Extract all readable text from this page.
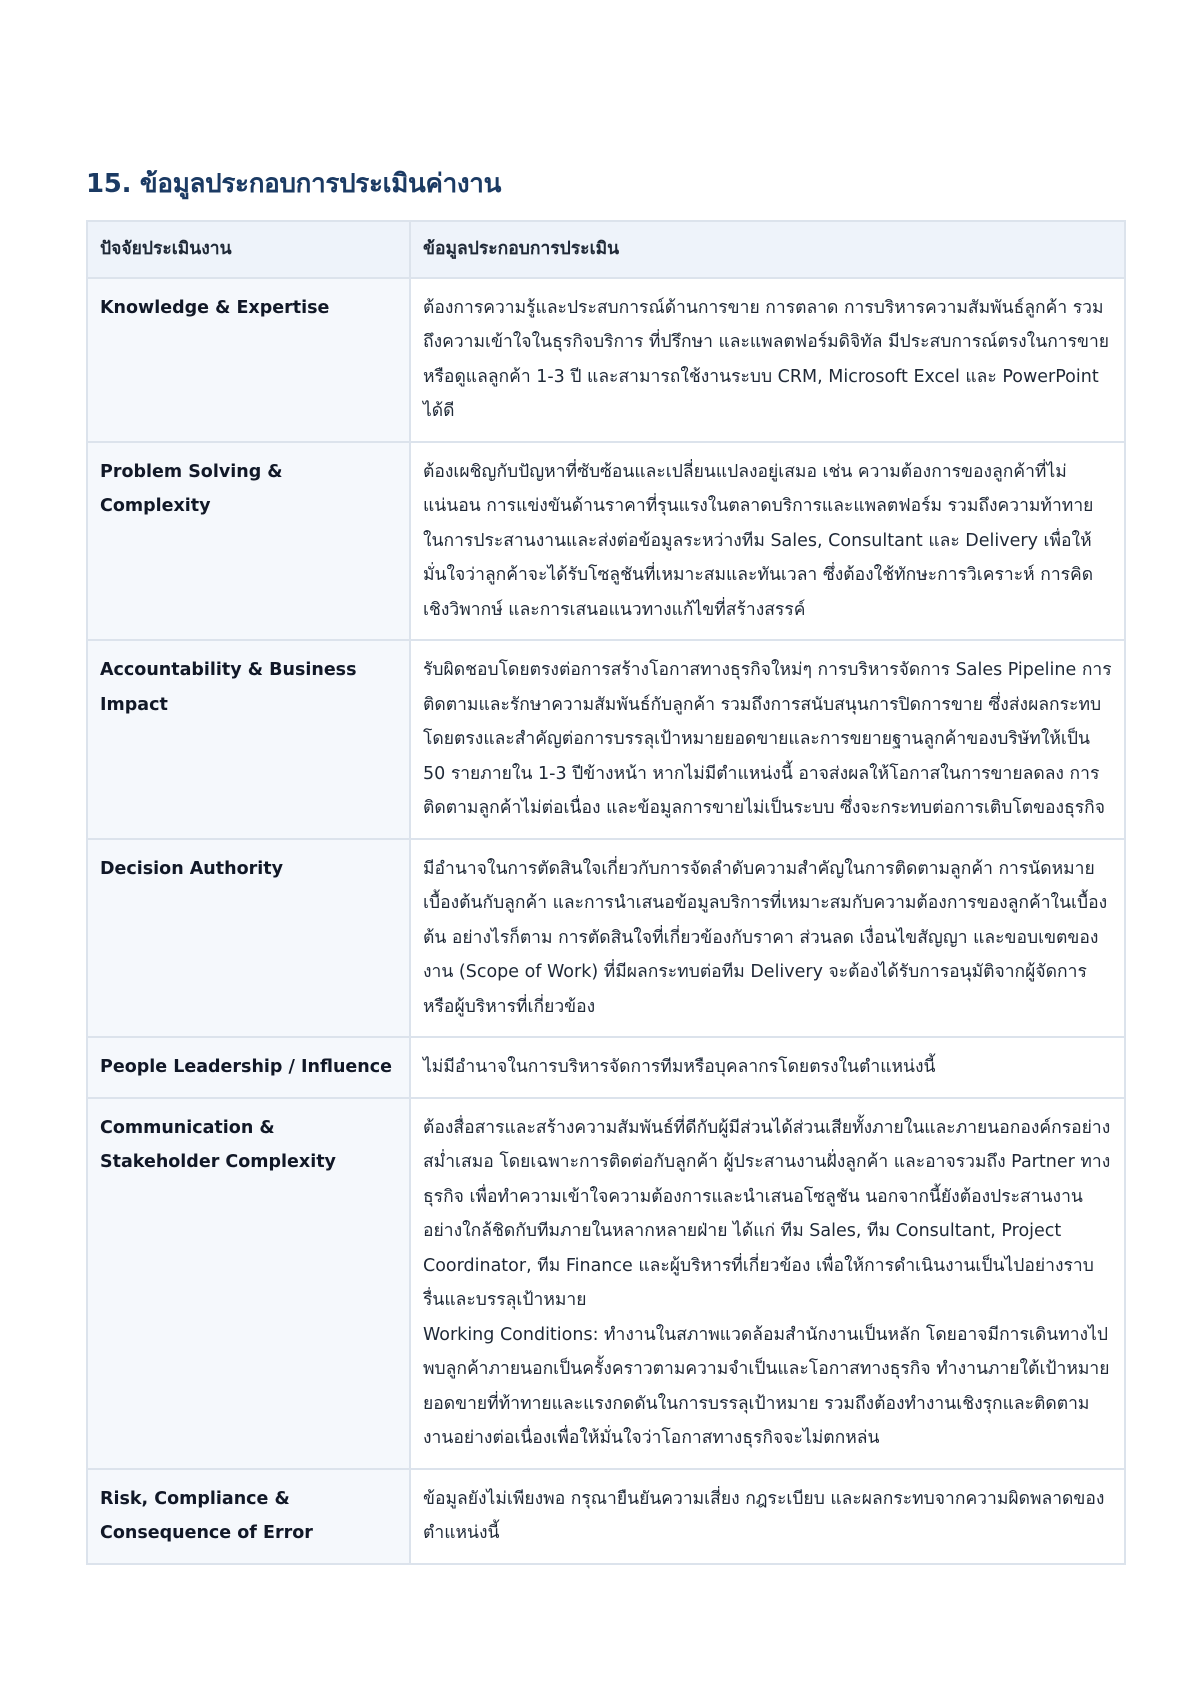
15. ข้อมูลประกอบการประเมินค่างาน
ปัจจัยประเมินงาน	ข้อมูลประกอบการประเมิน
Knowledge & Expertise	ต้องการความรู้และประสบการณ์ด้านการขาย การตลาด การบริหารความสัมพันธ์ลูกค้า รวมถึงความเข้าใจในธุรกิจบริการ ที่ปรึกษา และแพลตฟอร์มดิจิทัล มีประสบการณ์ตรงในการขายหรือดูแลลูกค้า 1-3 ปี และสามารถใช้งานระบบ CRM, Microsoft Excel และ PowerPoint ได้ดี

Problem Solving & Complexity	ต้องเผชิญกับปัญหาที่ซับซ้อนและเปลี่ยนแปลงอยู่เสมอ เช่น ความต้องการของลูกค้าที่ไม่แน่นอน การแข่งขันด้านราคาที่รุนแรงในตลาดบริการและแพลตฟอร์ม รวมถึงความท้าทายในการประสานงานและส่งต่อข้อมูลระหว่างทีม Sales, Consultant และ Delivery เพื่อให้มั่นใจว่าลูกค้าจะได้รับโซลูชันที่เหมาะสมและทันเวลา ซึ่งต้องใช้ทักษะการวิเคราะห์ การคิดเชิงวิพากษ์ และการเสนอแนวทางแก้ไขที่สร้างสรรค์

Accountability & Business Impact	รับผิดชอบโดยตรงต่อการสร้างโอกาสทางธุรกิจใหม่ๆ การบริหารจัดการ Sales Pipeline การติดตามและรักษาความสัมพันธ์กับลูกค้า รวมถึงการสนับสนุนการปิดการขาย ซึ่งส่งผลกระทบโดยตรงและสำคัญต่อการบรรลุเป้าหมายยอดขายและการขยายฐานลูกค้าของบริษัทให้เป็น 50 รายภายใน 1-3 ปีข้างหน้า หากไม่มีตำแหน่งนี้ อาจส่งผลให้โอกาสในการขายลดลง การติดตามลูกค้าไม่ต่อเนื่อง และข้อมูลการขายไม่เป็นระบบ ซึ่งจะกระทบต่อการเติบโตของธุรกิจ

Decision Authority	มีอำนาจในการตัดสินใจเกี่ยวกับการจัดลำดับความสำคัญในการติดตามลูกค้า การนัดหมายเบื้องต้นกับลูกค้า และการนำเสนอข้อมูลบริการที่เหมาะสมกับความต้องการของลูกค้าในเบื้องต้น อย่างไรก็ตาม การตัดสินใจที่เกี่ยวข้องกับราคา ส่วนลด เงื่อนไขสัญญา และขอบเขตของงาน (Scope of Work) ที่มีผลกระทบต่อทีม Delivery จะต้องได้รับการอนุมัติจากผู้จัดการหรือผู้บริหารที่เกี่ยวข้อง

People Leadership / Influence	ไม่มีอำนาจในการบริหารจัดการทีมหรือบุคลากรโดยตรงในตำแหน่งนี้

Communication & Stakeholder Complexity	ต้องสื่อสารและสร้างความสัมพันธ์ที่ดีกับผู้มีส่วนได้ส่วนเสียทั้งภายในและภายนอกองค์กรอย่างสม่ำเสมอ โดยเฉพาะการติดต่อกับลูกค้า ผู้ประสานงานฝั่งลูกค้า และอาจรวมถึง Partner ทางธุรกิจ เพื่อทำความเข้าใจความต้องการและนำเสนอโซลูชัน นอกจากนี้ยังต้องประสานงานอย่างใกล้ชิดกับทีมภายในหลากหลายฝ่าย ได้แก่ ทีม Sales, ทีม Consultant, Project Coordinator, ทีม Finance และผู้บริหารที่เกี่ยวข้อง เพื่อให้การดำเนินงานเป็นไปอย่างราบรื่นและบรรลุเป้าหมาย
Working Conditions: ทำงานในสภาพแวดล้อมสำนักงานเป็นหลัก โดยอาจมีการเดินทางไปพบลูกค้าภายนอกเป็นครั้งคราวตามความจำเป็นและโอกาสทางธุรกิจ ทำงานภายใต้เป้าหมายยอดขายที่ท้าทายและแรงกดดันในการบรรลุเป้าหมาย รวมถึงต้องทำงานเชิงรุกและติดตามงานอย่างต่อเนื่องเพื่อให้มั่นใจว่าโอกาสทางธุรกิจจะไม่ตกหล่น

Risk, Compliance & Consequence of Error	ข้อมูลยังไม่เพียงพอ กรุณายืนยันความเสี่ยง กฎระเบียบ และผลกระทบจากความผิดพลาดของตำแหน่งนี้
